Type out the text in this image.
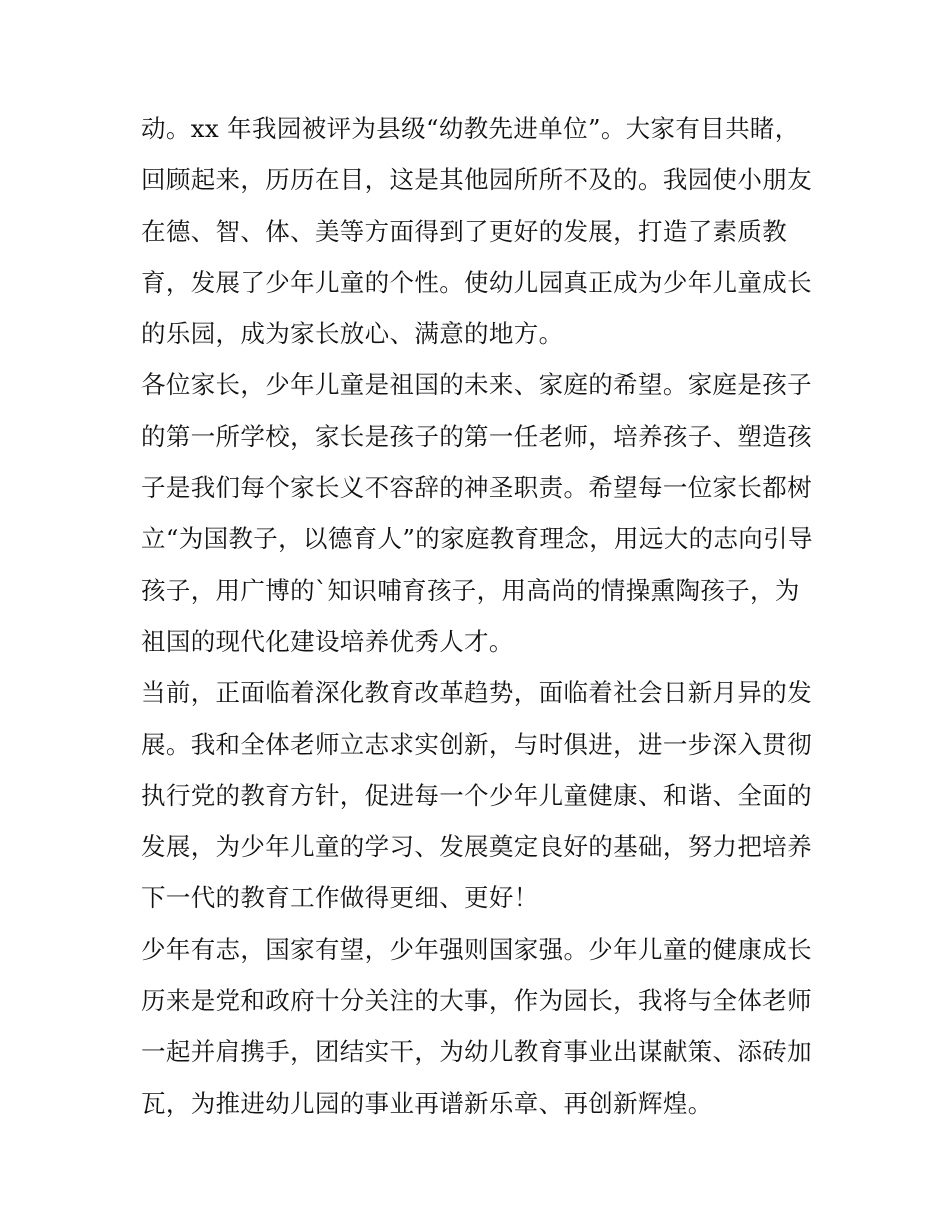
动。xx 年我园被评为县级“幼教先进单位”。大家有目共睹，
回顾起来，历历在目，这是其他园所所不及的。我园使小朋友
在德、智、体、美等方面得到了更好的发展，打造了素质教
育，发展了少年儿童的个性。使幼儿园真正成为少年儿童成长
的乐园，成为家长放心、满意的地方。
各位家长，少年儿童是祖国的未来、家庭的希望。家庭是孩子
的第一所学校，家长是孩子的第一任老师，培养孩子、塑造孩
子是我们每个家长义不容辞的神圣职责。希望每一位家长都树
立“为国教子，以德育人”的家庭教育理念，用远大的志向引导
孩子，用广博的`知识哺育孩子，用高尚的情操熏陶孩子，为
祖国的现代化建设培养优秀人才。
当前，正面临着深化教育改革趋势，面临着社会日新月异的发
展。我和全体老师立志求实创新，与时俱进，进一步深入贯彻
执行党的教育方针，促进每一个少年儿童健康、和谐、全面的
发展，为少年儿童的学习、发展奠定良好的基础，努力把培养
下一代的教育工作做得更细、更好！
少年有志，国家有望，少年强则国家强。少年儿童的健康成长
历来是党和政府十分关注的大事，作为园长，我将与全体老师
一起并肩携手，团结实干，为幼儿教育事业出谋献策、添砖加
瓦，为推进幼儿园的事业再谱新乐章、再创新辉煌。
